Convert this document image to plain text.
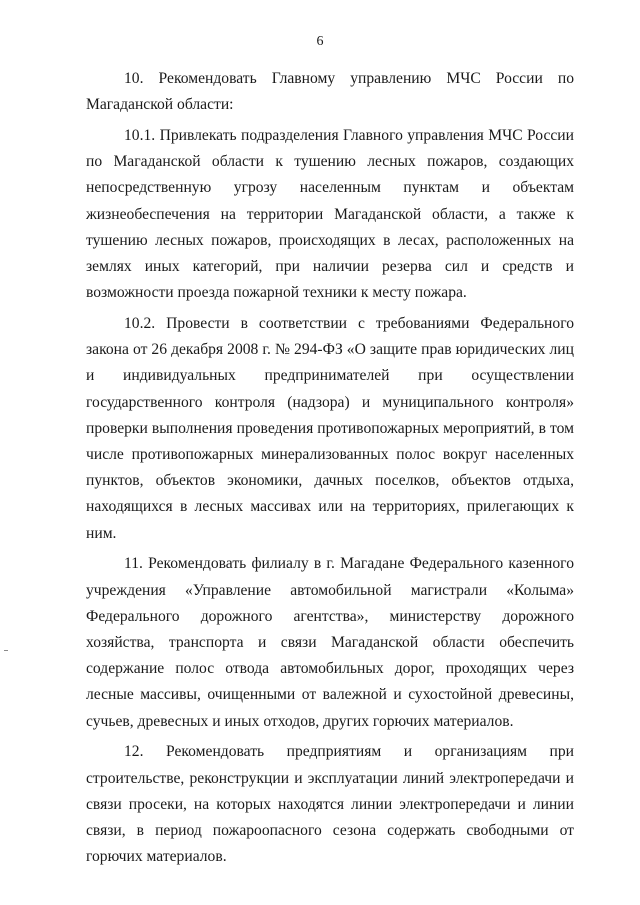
6

10. Рекомендовать Главному управлению МЧС России по Магаданской области:

10.1. Привлекать подразделения Главного управления МЧС России по Магаданской области к тушению лесных пожаров, создающих непосредственную угрозу населенным пунктам и объектам жизнеобеспечения на территории Магаданской области, а также к тушению лесных пожаров, происходящих в лесах, расположенных на землях иных категорий, при наличии резерва сил и средств и возможности проезда пожарной техники к месту пожара.

10.2. Провести в соответствии с требованиями Федерального закона от 26 декабря 2008 г. № 294-ФЗ «О защите прав юридических лиц и индивидуальных предпринимателей при осуществлении государственного контроля (надзора) и муниципального контроля» проверки выполнения проведения противопожарных мероприятий, в том числе противопожарных минерализованных полос вокруг населенных пунктов, объектов экономики, дачных поселков, объектов отдыха, находящихся в лесных массивах или на территориях, прилегающих к ним.

11. Рекомендовать филиалу в г. Магадане Федерального казенного учреждения «Управление автомобильной магистрали «Колыма» Федерального дорожного агентства», министерству дорожного хозяйства, транспорта и связи Магаданской области обеспечить содержание полос отвода автомобильных дорог, проходящих через лесные массивы, очищенными от валежной и сухостойной древесины, сучьев, древесных и иных отходов, других горючих материалов.

12. Рекомендовать предприятиям и организациям при строительстве, реконструкции и эксплуатации линий электропередачи и связи просеки, на которых находятся линии электропередачи и линии связи, в период пожароопасного сезона содержать свободными от горючих материалов.
